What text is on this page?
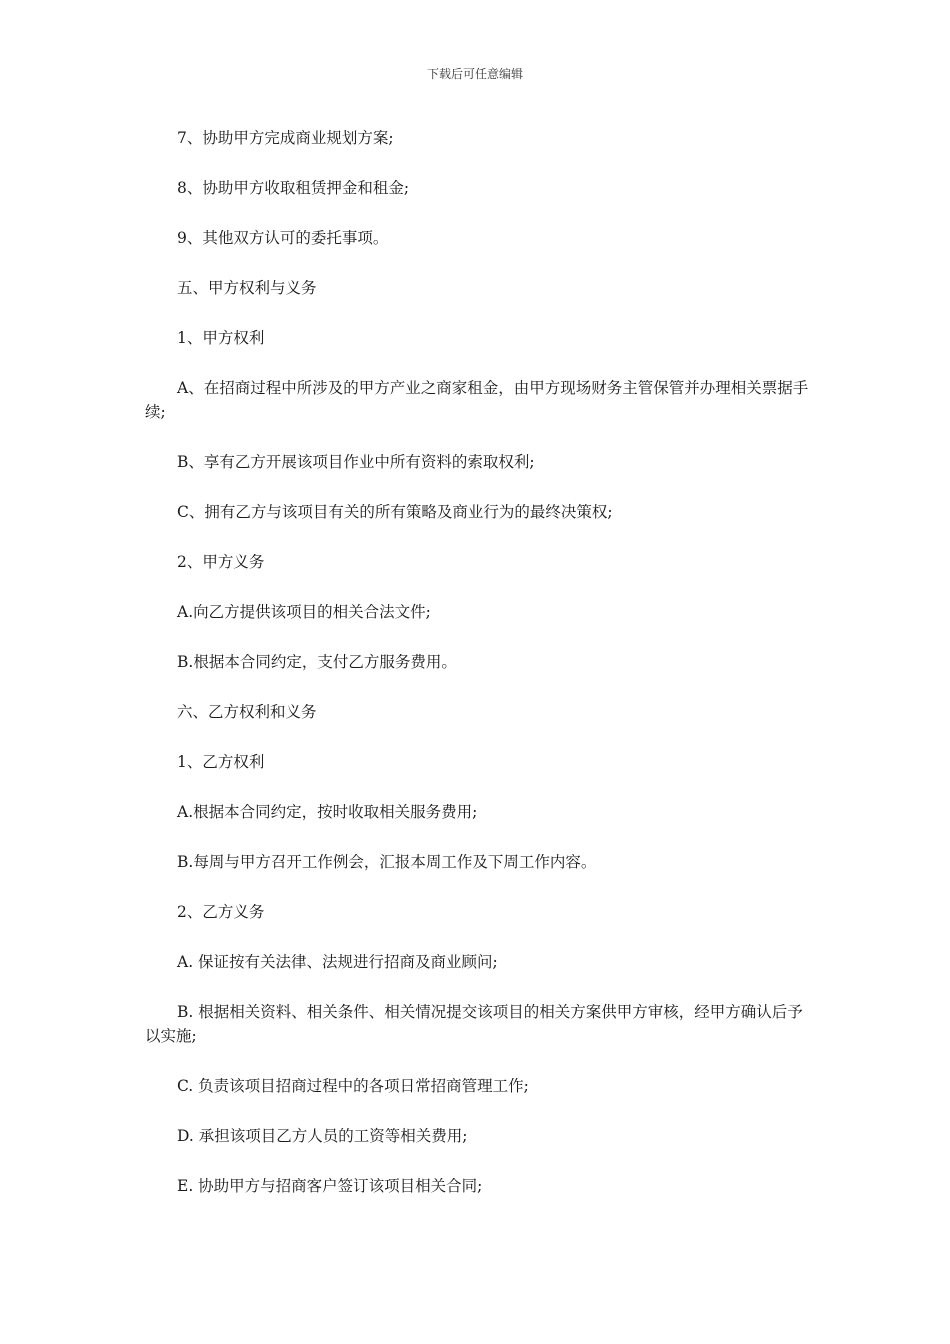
下载后可任意编辑

7、协助甲方完成商业规划方案;

8、协助甲方收取租赁押金和租金;

9、其他双方认可的委托事项。

五、甲方权利与义务

1、甲方权利

A、在招商过程中所涉及的甲方产业之商家租金，由甲方现场财务主管保管并办理相关票据手续;

B、享有乙方开展该项目作业中所有资料的索取权利;

C、拥有乙方与该项目有关的所有策略及商业行为的最终决策权;

2、甲方义务

A.向乙方提供该项目的相关合法文件;

B.根据本合同约定，支付乙方服务费用。

六、乙方权利和义务

1、乙方权利

A.根据本合同约定，按时收取相关服务费用;

B.每周与甲方召开工作例会，汇报本周工作及下周工作内容。

2、乙方义务

A. 保证按有关法律、法规进行招商及商业顾问;

B. 根据相关资料、相关条件、相关情况提交该项目的相关方案供甲方审核，经甲方确认后予以实施;

C. 负责该项目招商过程中的各项日常招商管理工作;

D. 承担该项目乙方人员的工资等相关费用;

E. 协助甲方与招商客户签订该项目相关合同;
